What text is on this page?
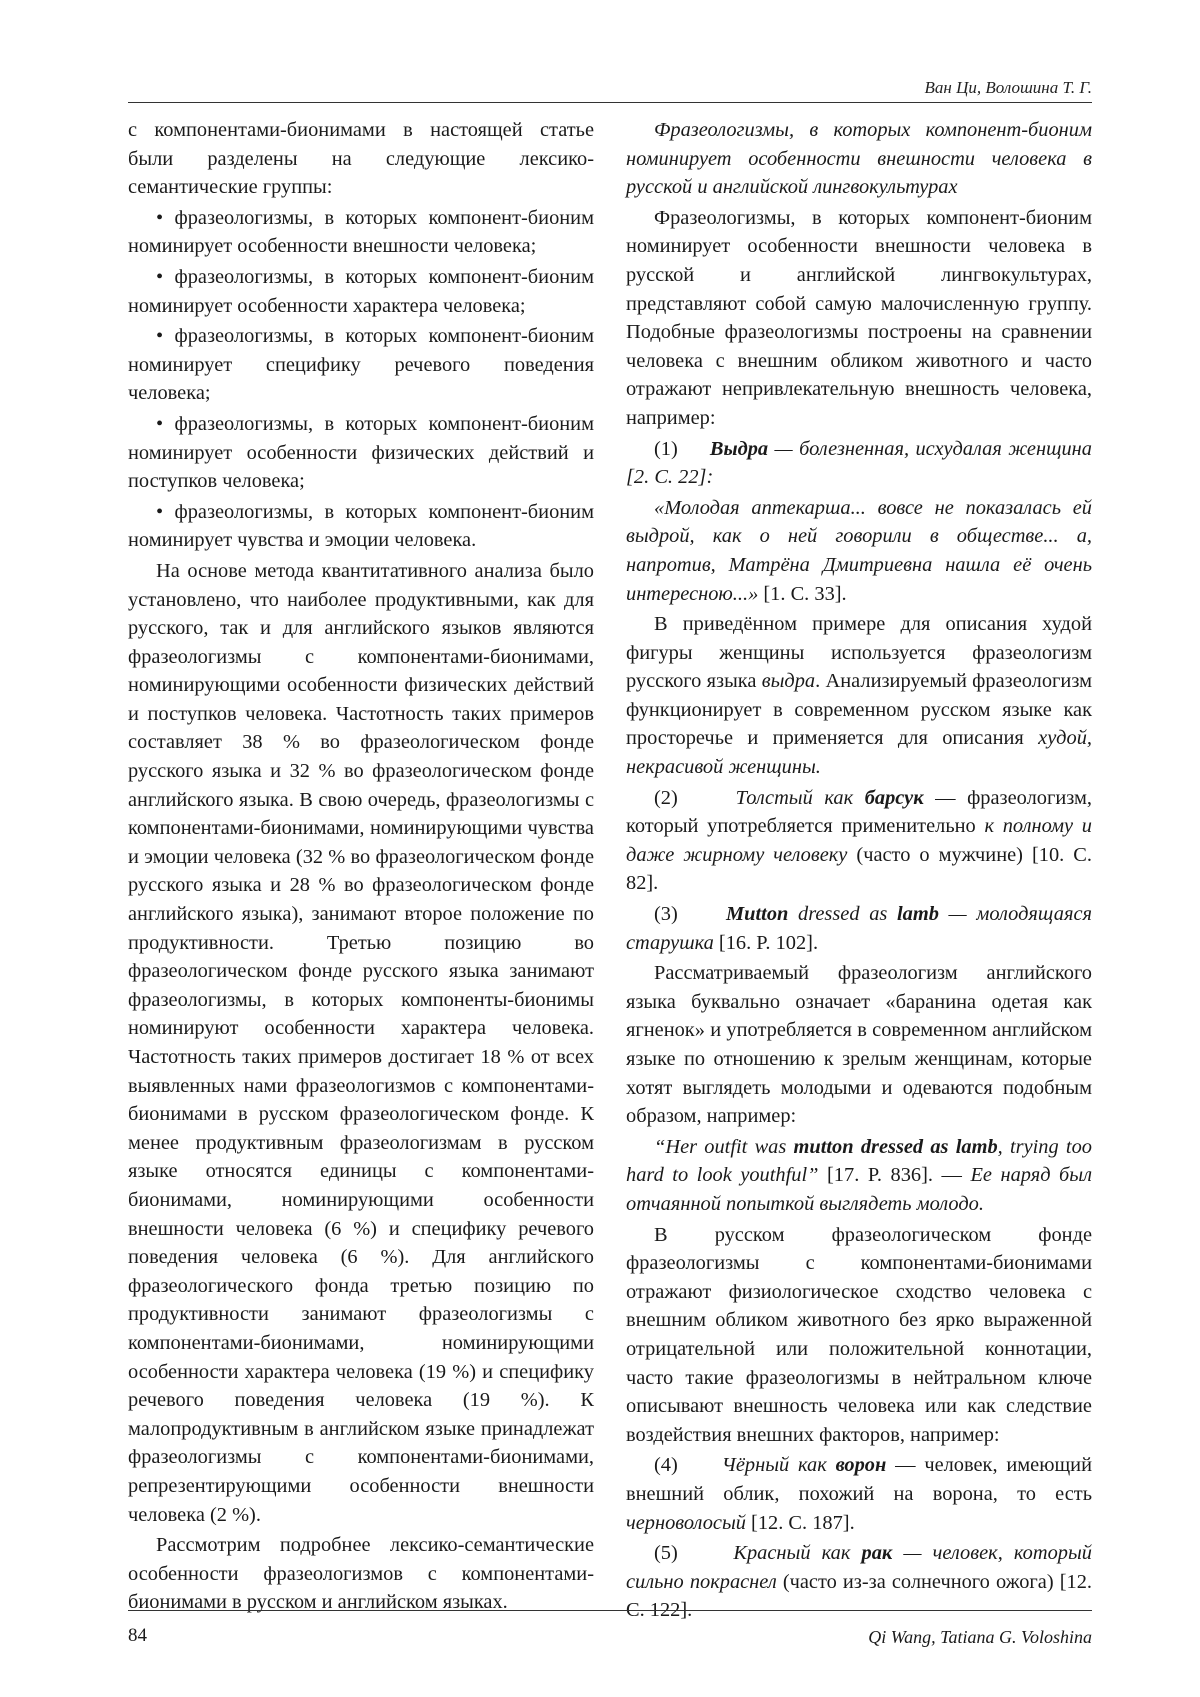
Ван Ци, Волошина Т. Г.

с компонентами-бионимами в настоящей статье были разделены на следующие лексико-семантические группы:

• фразеологизмы, в которых компонент-бионим номинирует особенности внешности человека;

• фразеологизмы, в которых компонент-бионим номинирует особенности характера человека;

• фразеологизмы, в которых компонент-бионим номинирует специфику речевого поведения человека;

• фразеологизмы, в которых компонент-бионим номинирует особенности физических действий и поступков человека;

• фразеологизмы, в которых компонент-бионим номинирует чувства и эмоции человека.

На основе метода квантитативного анализа было установлено, что наиболее продуктивными, как для русского, так и для английского языков являются фразеологизмы с компонентами-бионимами, номинирующими особенности физических действий и поступков человека. Частотность таких примеров составляет 38 % во фразеологическом фонде русского языка и 32 % во фразеологическом фонде английского языка. В свою очередь, фразеологизмы с компонентами-бионимами, номинирующими чувства и эмоции человека (32 % во фразеологическом фонде русского языка и 28 % во фразеологическом фонде английского языка), занимают второе положение по продуктивности. Третью позицию во фразеологическом фонде русского языка занимают фразеологизмы, в которых компоненты-бионимы номинируют особенности характера человека. Частотность таких примеров достигает 18 % от всех выявленных нами фразеологизмов с компонентами-бионимами в русском фразеологическом фонде. К менее продуктивным фразеологизмам в русском языке относятся единицы с компонентами-бионимами, номинирующими особенности внешности человека (6 %) и специфику речевого поведения человека (6 %). Для английского фразеологического фонда третью позицию по продуктивности занимают фразеологизмы с компонентами-бионимами, номинирующими особенности характера человека (19 %) и специфику речевого поведения человека (19 %). К малопродуктивным в английском языке принадлежат фразеологизмы с компонентами-бионимами, репрезентирующими особенности внешности человека (2 %).

Рассмотрим подробнее лексико-семантические особенности фразеологизмов с компонентами-бионимами в русском и английском языках.

Фразеологизмы, в которых компонент-бионим номинирует особенности внешности человека в русской и английской лингвокультурах

Фразеологизмы, в которых компонент-бионим номинирует особенности внешности человека в русской и английской лингвокультурах, представляют собой самую малочисленную группу. Подобные фразеологизмы построены на сравнении человека с внешним обликом животного и часто отражают непривлекательную внешность человека, например:

(1) Выдра — болезненная, исхудалая женщина [2. С. 22]:

«Молодая аптекарша... вовсе не показалась ей выдрой, как о ней говорили в обществе... а, напротив, Матрёна Дмитриевна нашла её очень интересною...» [1. С. 33].

В приведённом примере для описания худой фигуры женщины используется фразеологизм русского языка выдра. Анализируемый фразеологизм функционирует в современном русском языке как просторечье и применяется для описания худой, некрасивой женщины.

(2)	Толстый как барсук — фразеологизм, который употребляется применительно к полному и даже жирному человеку (часто о мужчине) [10. С. 82].

(3) Mutton dressed as lamb — молодящаяся старушка [16. P. 102].

Рассматриваемый фразеологизм английского языка буквально означает «баранина одетая как ягненок» и употребляется в современном английском языке по отношению к зрелым женщинам, которые хотят выглядеть молодыми и одеваются подобным образом, например:

“Her outfit was mutton dressed as lamb, trying too hard to look youthful” [17. P. 836]. — Ее наряд был отчаянной попыткой выглядеть молодо.

В русском фразеологическом фонде фразеологизмы с компонентами-бионимами отражают физиологическое сходство человека с внешним обликом животного без ярко выраженной отрицательной или положительной коннотации, часто такие фразеологизмы в нейтральном ключе описывают внешность человека или как следствие воздействия внешних факторов, например:

(4) Чёрный как ворон — человек, имеющий внешний облик, похожий на ворона, то есть черноволосый [12. С. 187].

(5)	Красный как рак — человек, который сильно покраснел (часто из-за солнечного ожога) [12. С. 122].

84	Qi Wang, Tatiana G. Voloshina
